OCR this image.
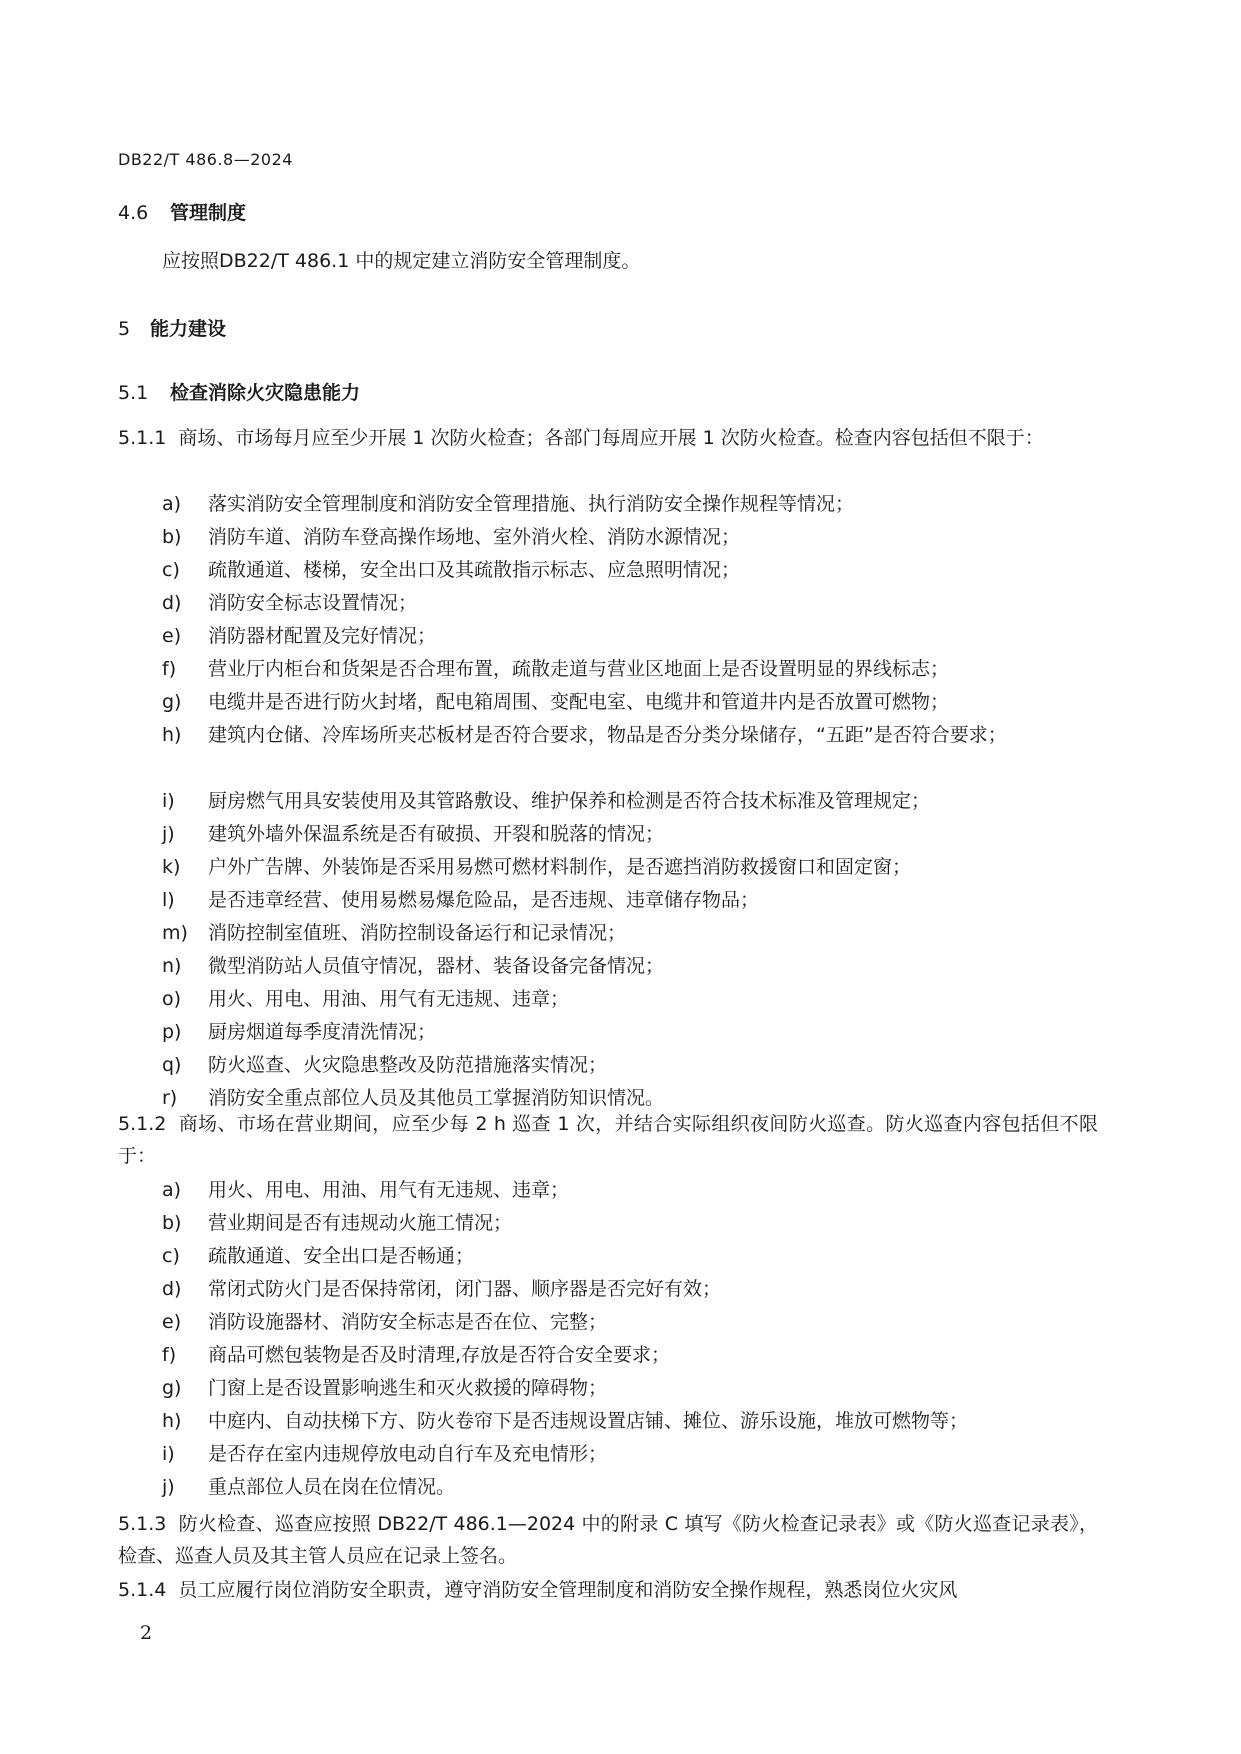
DB22/T 486.8—2024
4.6 管理制度
应按照DB22/T 486.1 中的规定建立消防安全管理制度。
5 能力建设
5.1 检查消除火灾隐患能力
5.1.1 商场、市场每月应至少开展 1 次防火检查；各部门每周应开展 1 次防火检查。检查内容包括但不限于：
a)	落实消防安全管理制度和消防安全管理措施、执行消防安全操作规程等情况；
b)	消防车道、消防车登高操作场地、室外消火栓、消防水源情况；
c)	疏散通道、楼梯，安全出口及其疏散指示标志、应急照明情况；
d)	消防安全标志设置情况；
e)	消防器材配置及完好情况；
f)	营业厅内柜台和货架是否合理布置，疏散走道与营业区地面上是否设置明显的界线标志；
g)	电缆井是否进行防火封堵，配电箱周围、变配电室、电缆井和管道井内是否放置可燃物；
h)	建筑内仓储、冷库场所夹芯板材是否符合要求，物品是否分类分垛储存，“五距”是否符合要求；
i)	厨房燃气用具安装使用及其管路敷设、维护保养和检测是否符合技术标准及管理规定；
j)	建筑外墙外保温系统是否有破损、开裂和脱落的情况；
k)	户外广告牌、外装饰是否采用易燃可燃材料制作，是否遮挡消防救援窗口和固定窗；
l)	是否违章经营、使用易燃易爆危险品，是否违规、违章储存物品；
m)	消防控制室值班、消防控制设备运行和记录情况；
n)	微型消防站人员值守情况，器材、装备设备完备情况；
o)	用火、用电、用油、用气有无违规、违章；
p)	厨房烟道每季度清洗情况；
q)	防火巡查、火灾隐患整改及防范措施落实情况；
r)	消防安全重点部位人员及其他员工掌握消防知识情况。
5.1.2 商场、市场在营业期间，应至少每 2 h 巡查 1 次，并结合实际组织夜间防火巡查。防火巡查内容包括但不限于：
a)	用火、用电、用油、用气有无违规、违章；
b)	营业期间是否有违规动火施工情况；
c)	疏散通道、安全出口是否畅通；
d)	常闭式防火门是否保持常闭，闭门器、顺序器是否完好有效；
e)	消防设施器材、消防安全标志是否在位、完整；
f)	商品可燃包装物是否及时清理,存放是否符合安全要求；
g)	门窗上是否设置影响逃生和灭火救援的障碍物；
h)	中庭内、自动扶梯下方、防火卷帘下是否违规设置店铺、摊位、游乐设施，堆放可燃物等；
i)	是否存在室内违规停放电动自行车及充电情形；
j)	重点部位人员在岗在位情况。
5.1.3 防火检查、巡查应按照 DB22/T 486.1—2024 中的附录 C 填写《防火检查记录表》或《防火巡查记录表》，检查、巡查人员及其主管人员应在记录上签名。
5.1.4 员工应履行岗位消防安全职责，遵守消防安全管理制度和消防安全操作规程，熟悉岗位火灾风
2
